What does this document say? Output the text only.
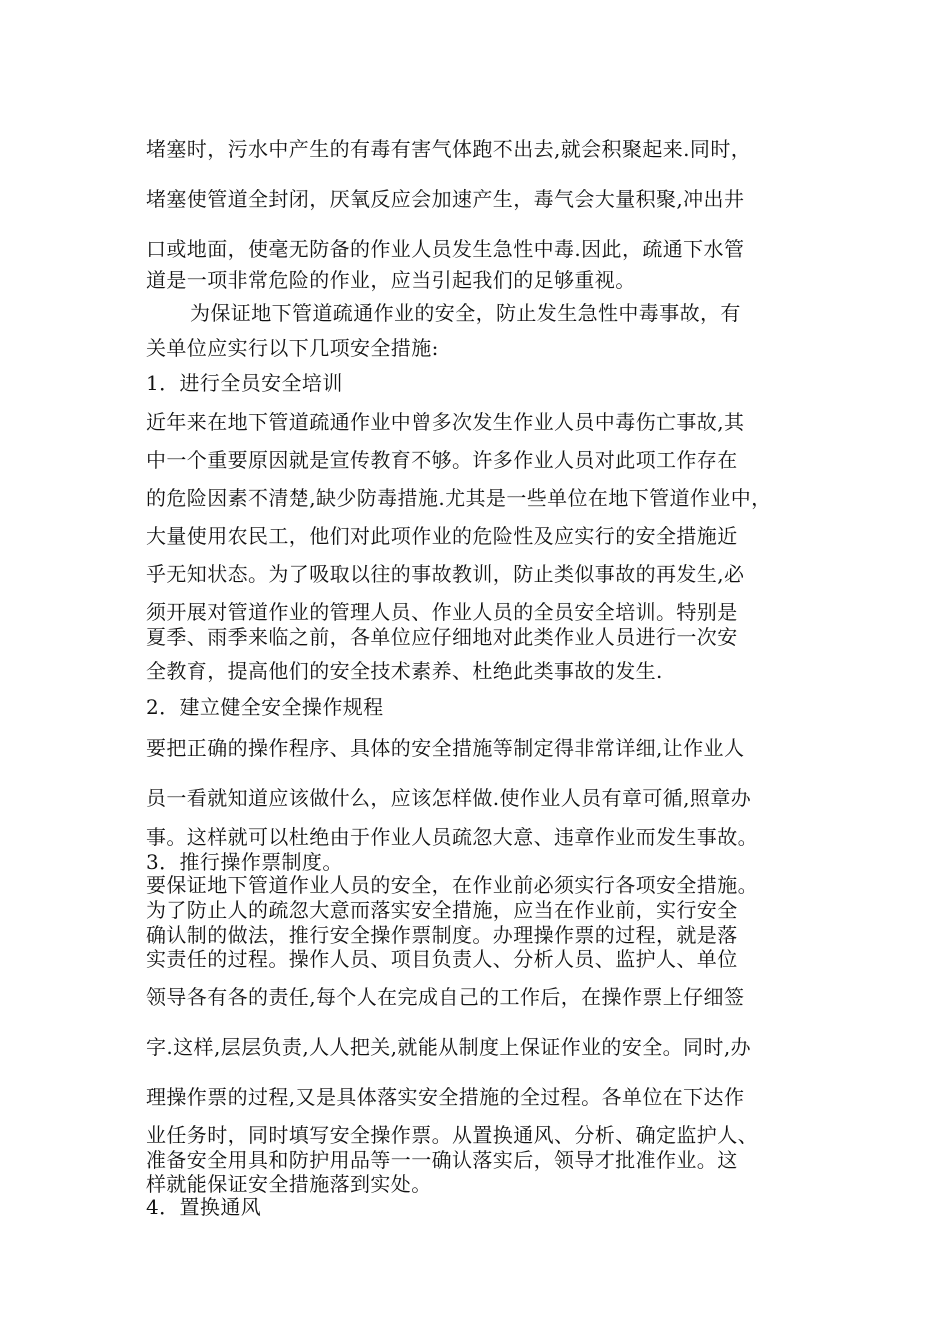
堵塞时，污水中产生的有毒有害气体跑不出去,就会积聚起来.同时，
堵塞使管道全封闭，厌氧反应会加速产生，毒气会大量积聚,冲出井
口或地面，使毫无防备的作业人员发生急性中毒.因此，疏通下水管
道是一项非常危险的作业，应当引起我们的足够重视。
为保证地下管道疏通作业的安全，防止发生急性中毒事故，有
关单位应实行以下几项安全措施:
1．进行全员安全培训
近年来在地下管道疏通作业中曾多次发生作业人员中毒伤亡事故,其
中一个重要原因就是宣传教育不够。许多作业人员对此项工作存在
的危险因素不清楚,缺少防毒措施.尤其是一些单位在地下管道作业中，
大量使用农民工，他们对此项作业的危险性及应实行的安全措施近
乎无知状态。为了吸取以往的事故教训，防止类似事故的再发生,必
须开展对管道作业的管理人员、作业人员的全员安全培训。特别是
夏季、雨季来临之前，各单位应仔细地对此类作业人员进行一次安
全教育，提高他们的安全技术素养、杜绝此类事故的发生.
2．建立健全安全操作规程
要把正确的操作程序、具体的安全措施等制定得非常详细,让作业人
员一看就知道应该做什么，应该怎样做.使作业人员有章可循,照章办
事。这样就可以杜绝由于作业人员疏忽大意、违章作业而发生事故。
3．推行操作票制度。
要保证地下管道作业人员的安全，在作业前必须实行各项安全措施。
为了防止人的疏忽大意而落实安全措施，应当在作业前，实行安全
确认制的做法，推行安全操作票制度。办理操作票的过程，就是落
实责任的过程。操作人员、项目负责人、分析人员、监护人、单位
领导各有各的责任,每个人在完成自己的工作后，在操作票上仔细签
字.这样,层层负责,人人把关,就能从制度上保证作业的安全。同时,办
理操作票的过程,又是具体落实安全措施的全过程。各单位在下达作
业任务时，同时填写安全操作票。从置换通风、分析、确定监护人、
准备安全用具和防护用品等一一确认落实后，领导才批准作业。这
样就能保证安全措施落到实处。
4．置换通风
